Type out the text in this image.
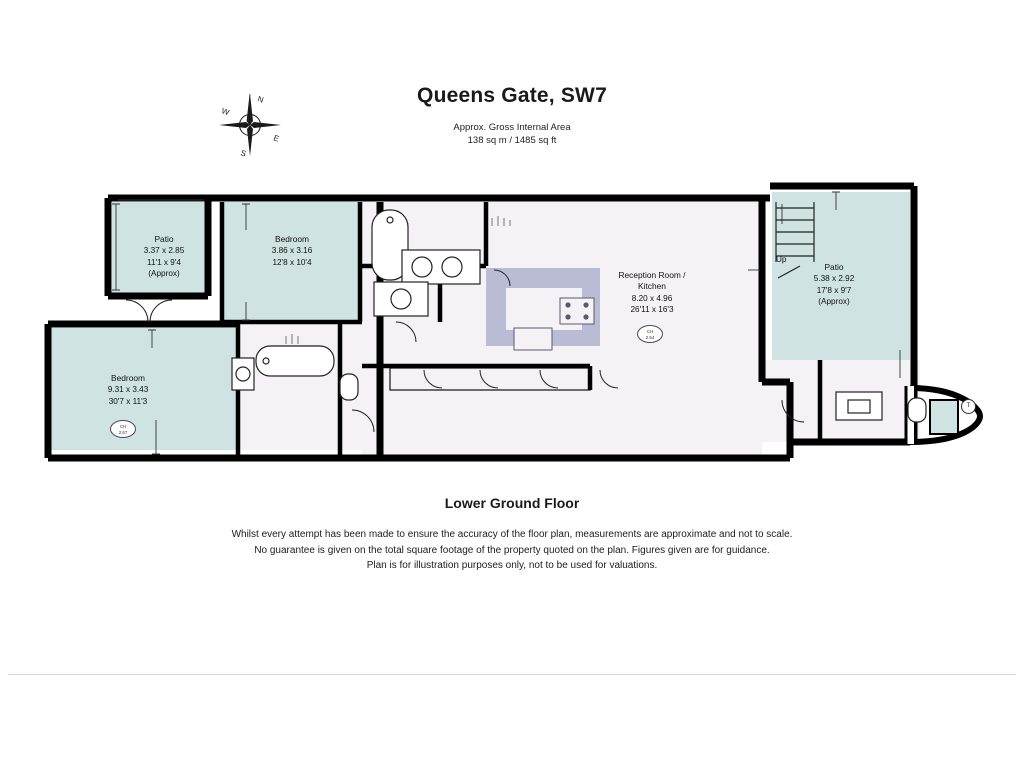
Queens Gate, SW7
Approx. Gross Internal Area
138 sq m / 1485 sq ft
N
E
S
W
Patio
3.37 x 2.85
11'1 x 9'4
(Approx)
Bedroom
3.86 x 3.16
12'8 x 10'4
Reception Room /
Kitchen
8.20 x 4.96
26'11 x 16'3
Patio
5.38 x 2.92
17'8 x 9'7
(Approx)
Bedroom
9.31 x 3.43
30'7 x 11'3
Up
CH
2.54
CH
2.67
T
Lower Ground Floor
Whilst every attempt has been made to ensure the accuracy of the floor plan, measurements are approximate and not to scale.
No guarantee is given on the total square footage of the property quoted on the plan. Figures given are for guidance.
Plan is for illustration purposes only, not to be used for valuations.
